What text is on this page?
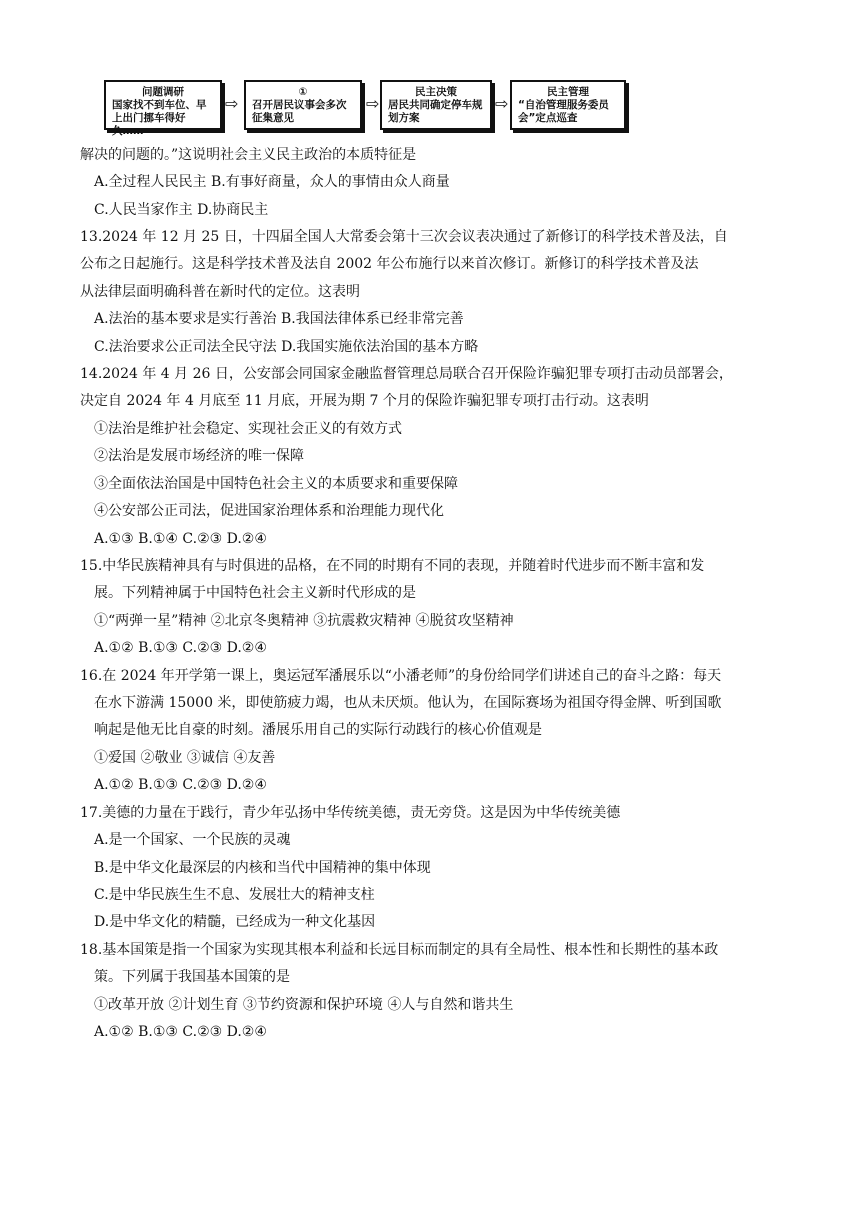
问题调研
国家找不到车位、早上出门挪车得好久……
⇨
①
召开居民议事会多次征集意见
⇨
民主决策
居民共同确定停车规划方案
⇨
民主管理
“自治管理服务委员会”定点巡查
解决的问题的。”这说明社会主义民主政治的本质特征是
A.全过程人民民主 B.有事好商量，众人的事情由众人商量
C.人民当家作主 D.协商民主
13.2024 年 12 月 25 日，十四届全国人大常委会第十三次会议表决通过了新修订的科学技术普及法，自
公布之日起施行。这是科学技术普及法自 2002 年公布施行以来首次修订。新修订的科学技术普及法
从法律层面明确科普在新时代的定位。这表明
A.法治的基本要求是实行善治 B.我国法律体系已经非常完善
C.法治要求公正司法全民守法 D.我国实施依法治国的基本方略
14.2024 年 4 月 26 日，公安部会同国家金融监督管理总局联合召开保险诈骗犯罪专项打击动员部署会，
决定自 2024 年 4 月底至 11 月底，开展为期 7 个月的保险诈骗犯罪专项打击行动。这表明
①法治是维护社会稳定、实现社会正义的有效方式
②法治是发展市场经济的唯一保障
③全面依法治国是中国特色社会主义的本质要求和重要保障
④公安部公正司法，促进国家治理体系和治理能力现代化
A.①③ B.①④ C.②③ D.②④
15.中华民族精神具有与时俱进的品格，在不同的时期有不同的表现，并随着时代进步而不断丰富和发
展。下列精神属于中国特色社会主义新时代形成的是
①“两弹一星”精神 ②北京冬奥精神 ③抗震救灾精神 ④脱贫攻坚精神
A.①② B.①③ C.②③ D.②④
16.在 2024 年开学第一课上，奥运冠军潘展乐以“小潘老师”的身份给同学们讲述自己的奋斗之路：每天
在水下游满 15000 米，即使筋疲力竭，也从未厌烦。他认为，在国际赛场为祖国夺得金牌、听到国歌
响起是他无比自豪的时刻。潘展乐用自己的实际行动践行的核心价值观是
①爱国 ②敬业 ③诚信 ④友善
A.①② B.①③ C.②③ D.②④
17.美德的力量在于践行，青少年弘扬中华传统美德，责无旁贷。这是因为中华传统美德
A.是一个国家、一个民族的灵魂
B.是中华文化最深层的内核和当代中国精神的集中体现
C.是中华民族生生不息、发展壮大的精神支柱
D.是中华文化的精髓，已经成为一种文化基因
18.基本国策是指一个国家为实现其根本利益和长远目标而制定的具有全局性、根本性和长期性的基本政
策。下列属于我国基本国策的是
①改革开放 ②计划生育 ③节约资源和保护环境 ④人与自然和谐共生
A.①② B.①③ C.②③ D.②④
